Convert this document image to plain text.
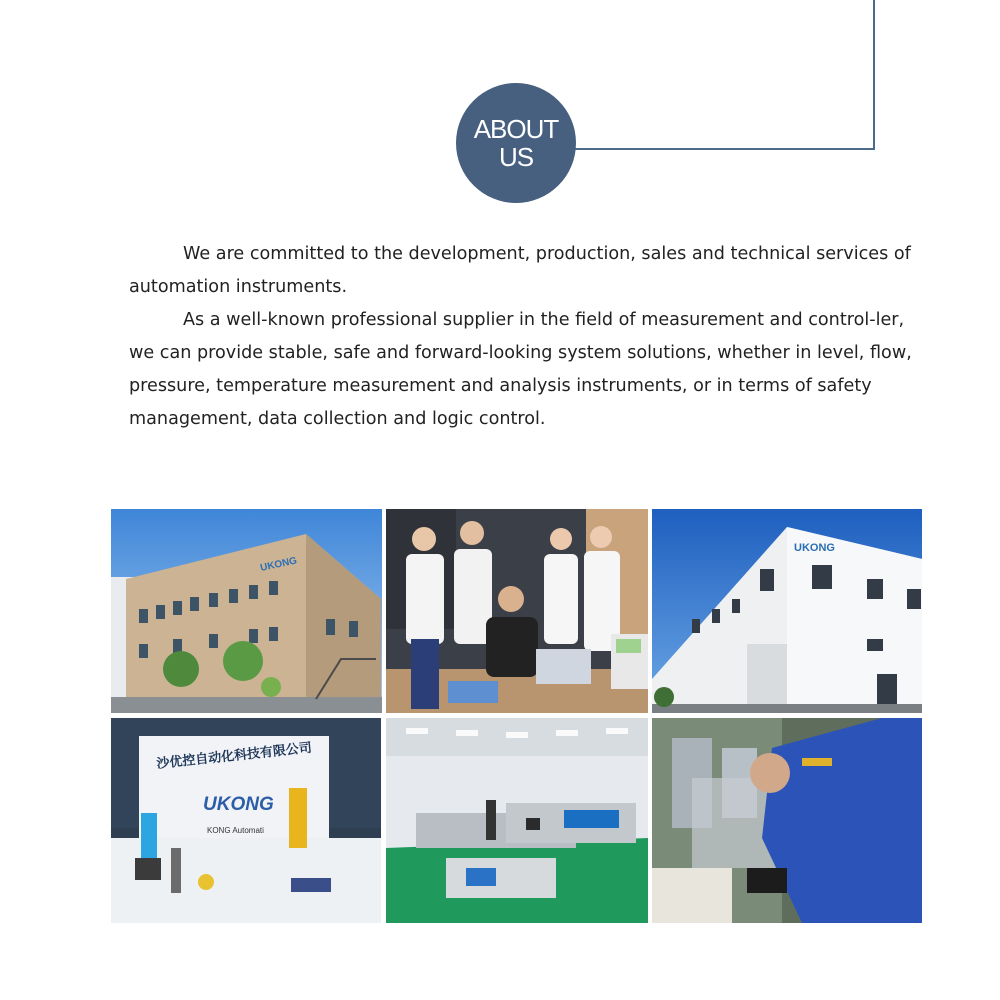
ABOUT
US

We are committed to the development, production, sales and technical services of automation instruments.

As a well-known professional supplier in the field of measurement and control-ler, we can provide stable, safe and forward-looking system solutions, whether in level, flow, pressure, temperature measurement and analysis instruments, or in terms of safety management, data collection and logic control.

UKONG
UKONG
沙优控自动化科技有限公司
UKONG
KONG Automati
